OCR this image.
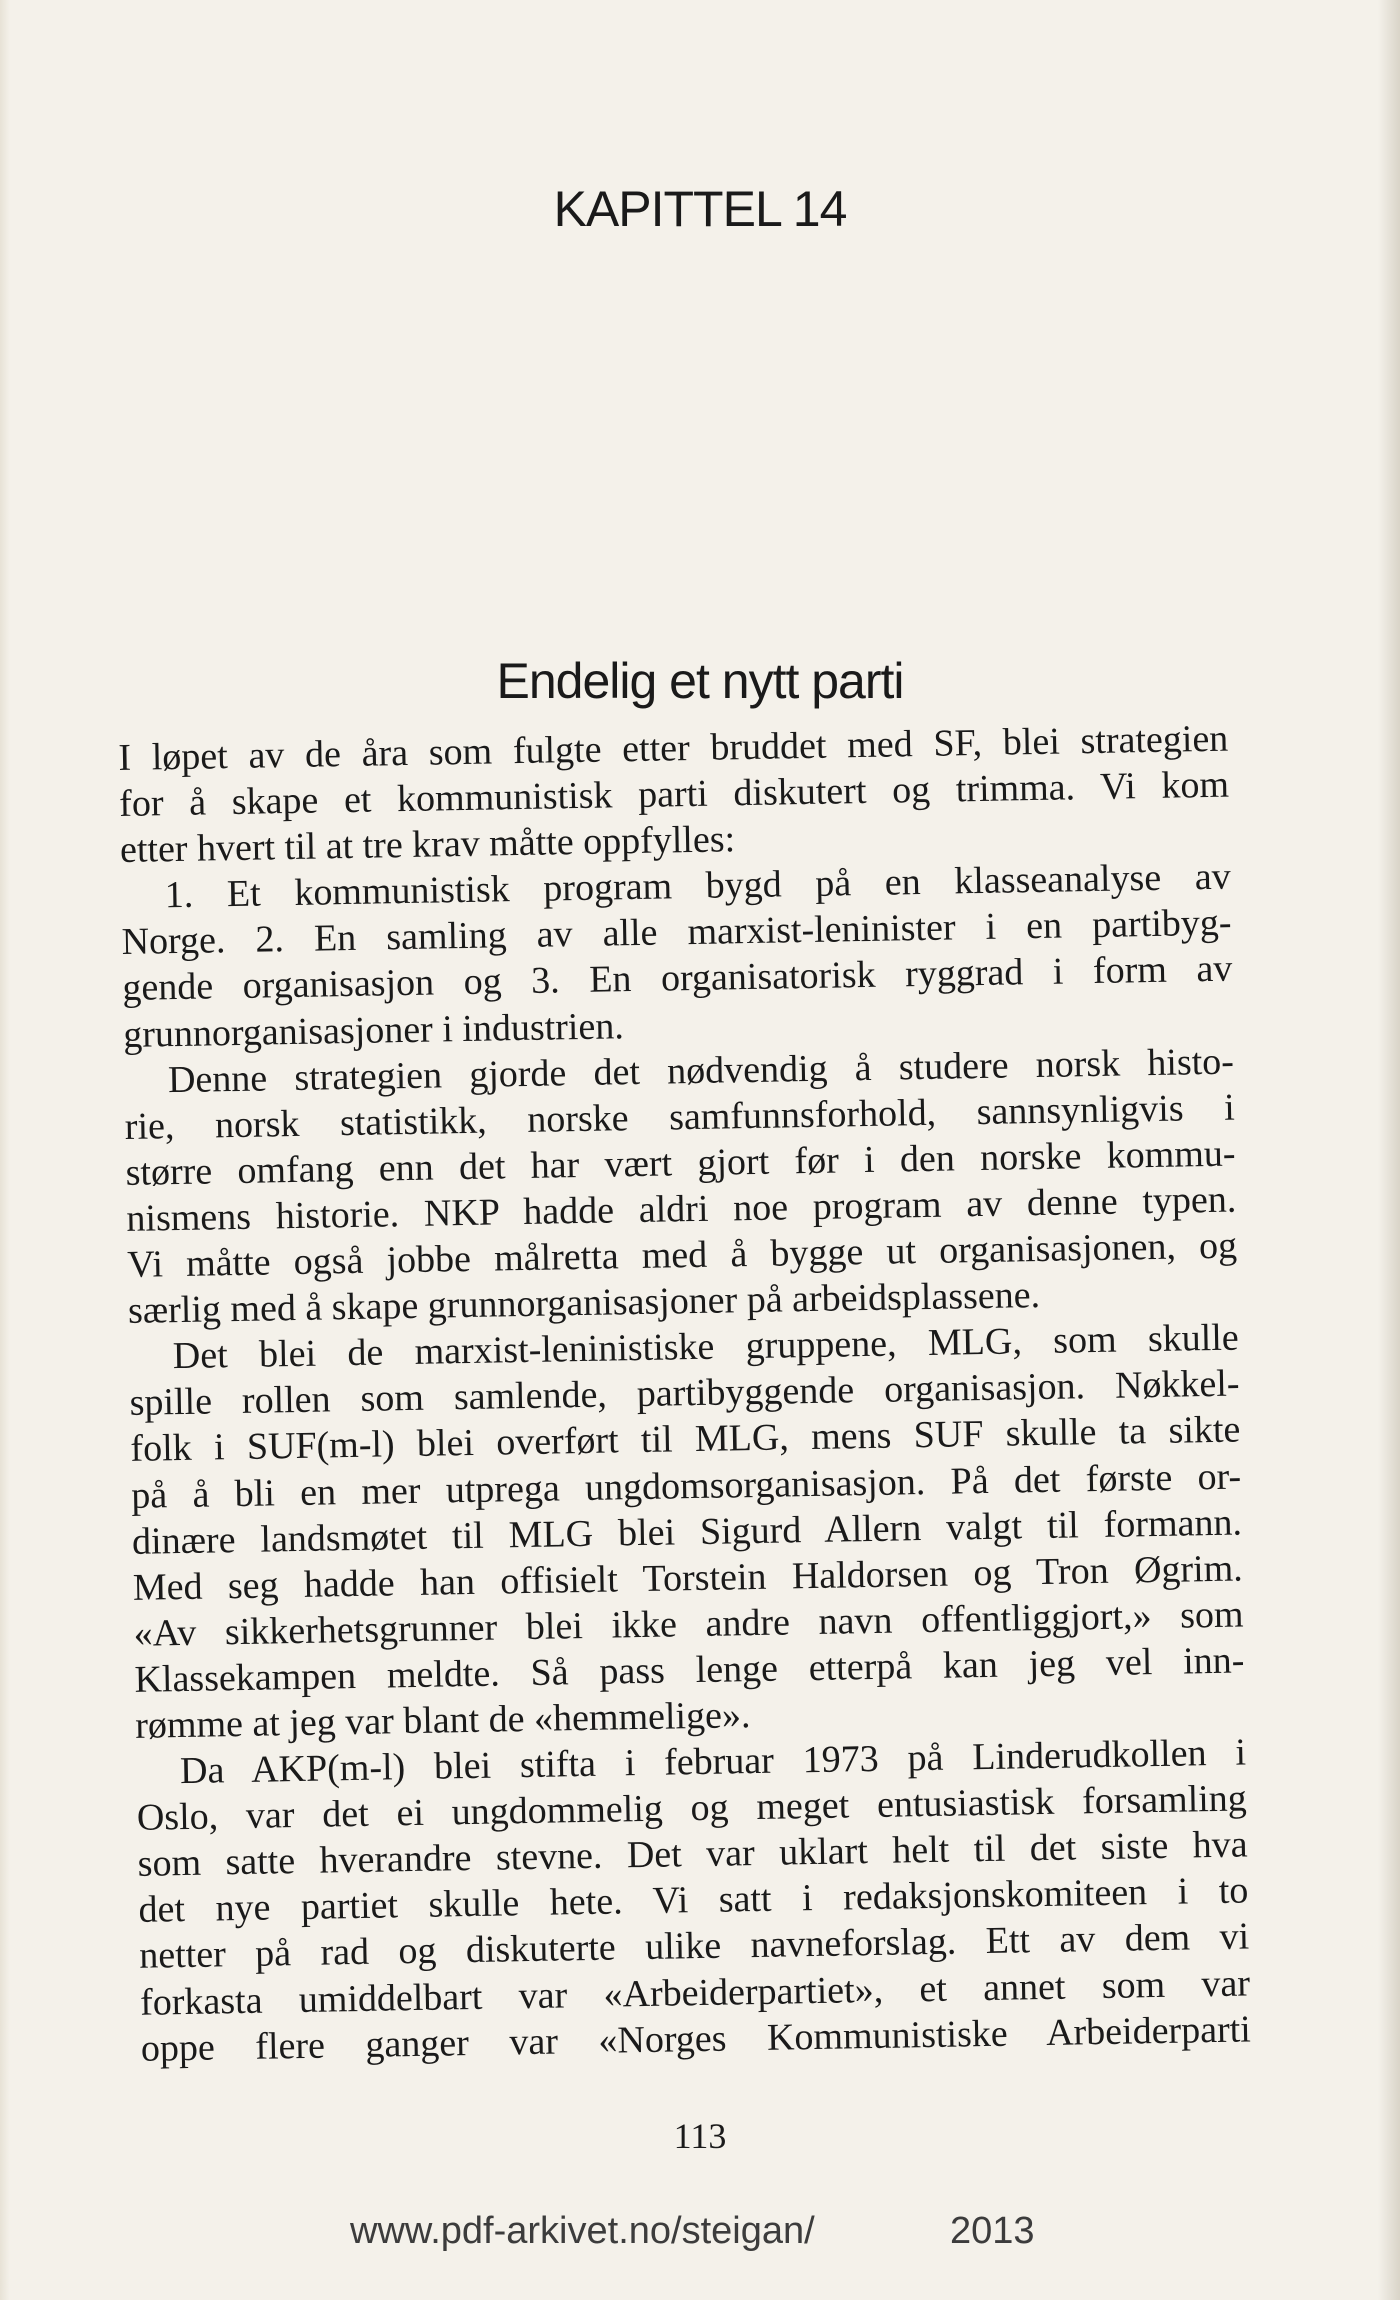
KAPITTEL 14
Endelig et nytt parti
I løpet av de åra som fulgte etter bruddet med SF, blei strategien
for å skape et kommunistisk parti diskutert og trimma. Vi kom
etter hvert til at tre krav måtte oppfylles:
1. Et kommunistisk program bygd på en klasseanalyse av
Norge. 2. En samling av alle marxist-leninister i en partibyg-
gende organisasjon og 3. En organisatorisk ryggrad i form av
grunnorganisasjoner i industrien.
Denne strategien gjorde det nødvendig å studere norsk histo-
rie, norsk statistikk, norske samfunnsforhold, sannsynligvis i
større omfang enn det har vært gjort før i den norske kommu-
nismens historie. NKP hadde aldri noe program av denne typen.
Vi måtte også jobbe målretta med å bygge ut organisasjonen, og
særlig med å skape grunnorganisasjoner på arbeidsplassene.
Det blei de marxist-leninistiske gruppene, MLG, som skulle
spille rollen som samlende, partibyggende organisasjon. Nøkkel-
folk i SUF(m-l) blei overført til MLG, mens SUF skulle ta sikte
på å bli en mer utprega ungdomsorganisasjon. På det første or-
dinære landsmøtet til MLG blei Sigurd Allern valgt til formann.
Med seg hadde han offisielt Torstein Haldorsen og Tron Øgrim.
«Av sikkerhetsgrunner blei ikke andre navn offentliggjort,» som
Klassekampen meldte. Så pass lenge etterpå kan jeg vel inn-
rømme at jeg var blant de «hemmelige».
Da AKP(m-l) blei stifta i februar 1973 på Linderudkollen i
Oslo, var det ei ungdommelig og meget entusiastisk forsamling
som satte hverandre stevne. Det var uklart helt til det siste hva
det nye partiet skulle hete. Vi satt i redaksjonskomiteen i to
netter på rad og diskuterte ulike navneforslag. Ett av dem vi
forkasta umiddelbart var «Arbeiderpartiet», et annet som var
oppe flere ganger var «Norges Kommunistiske Arbeiderparti
113
www.pdf-arkivet.no/steigan/	2013
